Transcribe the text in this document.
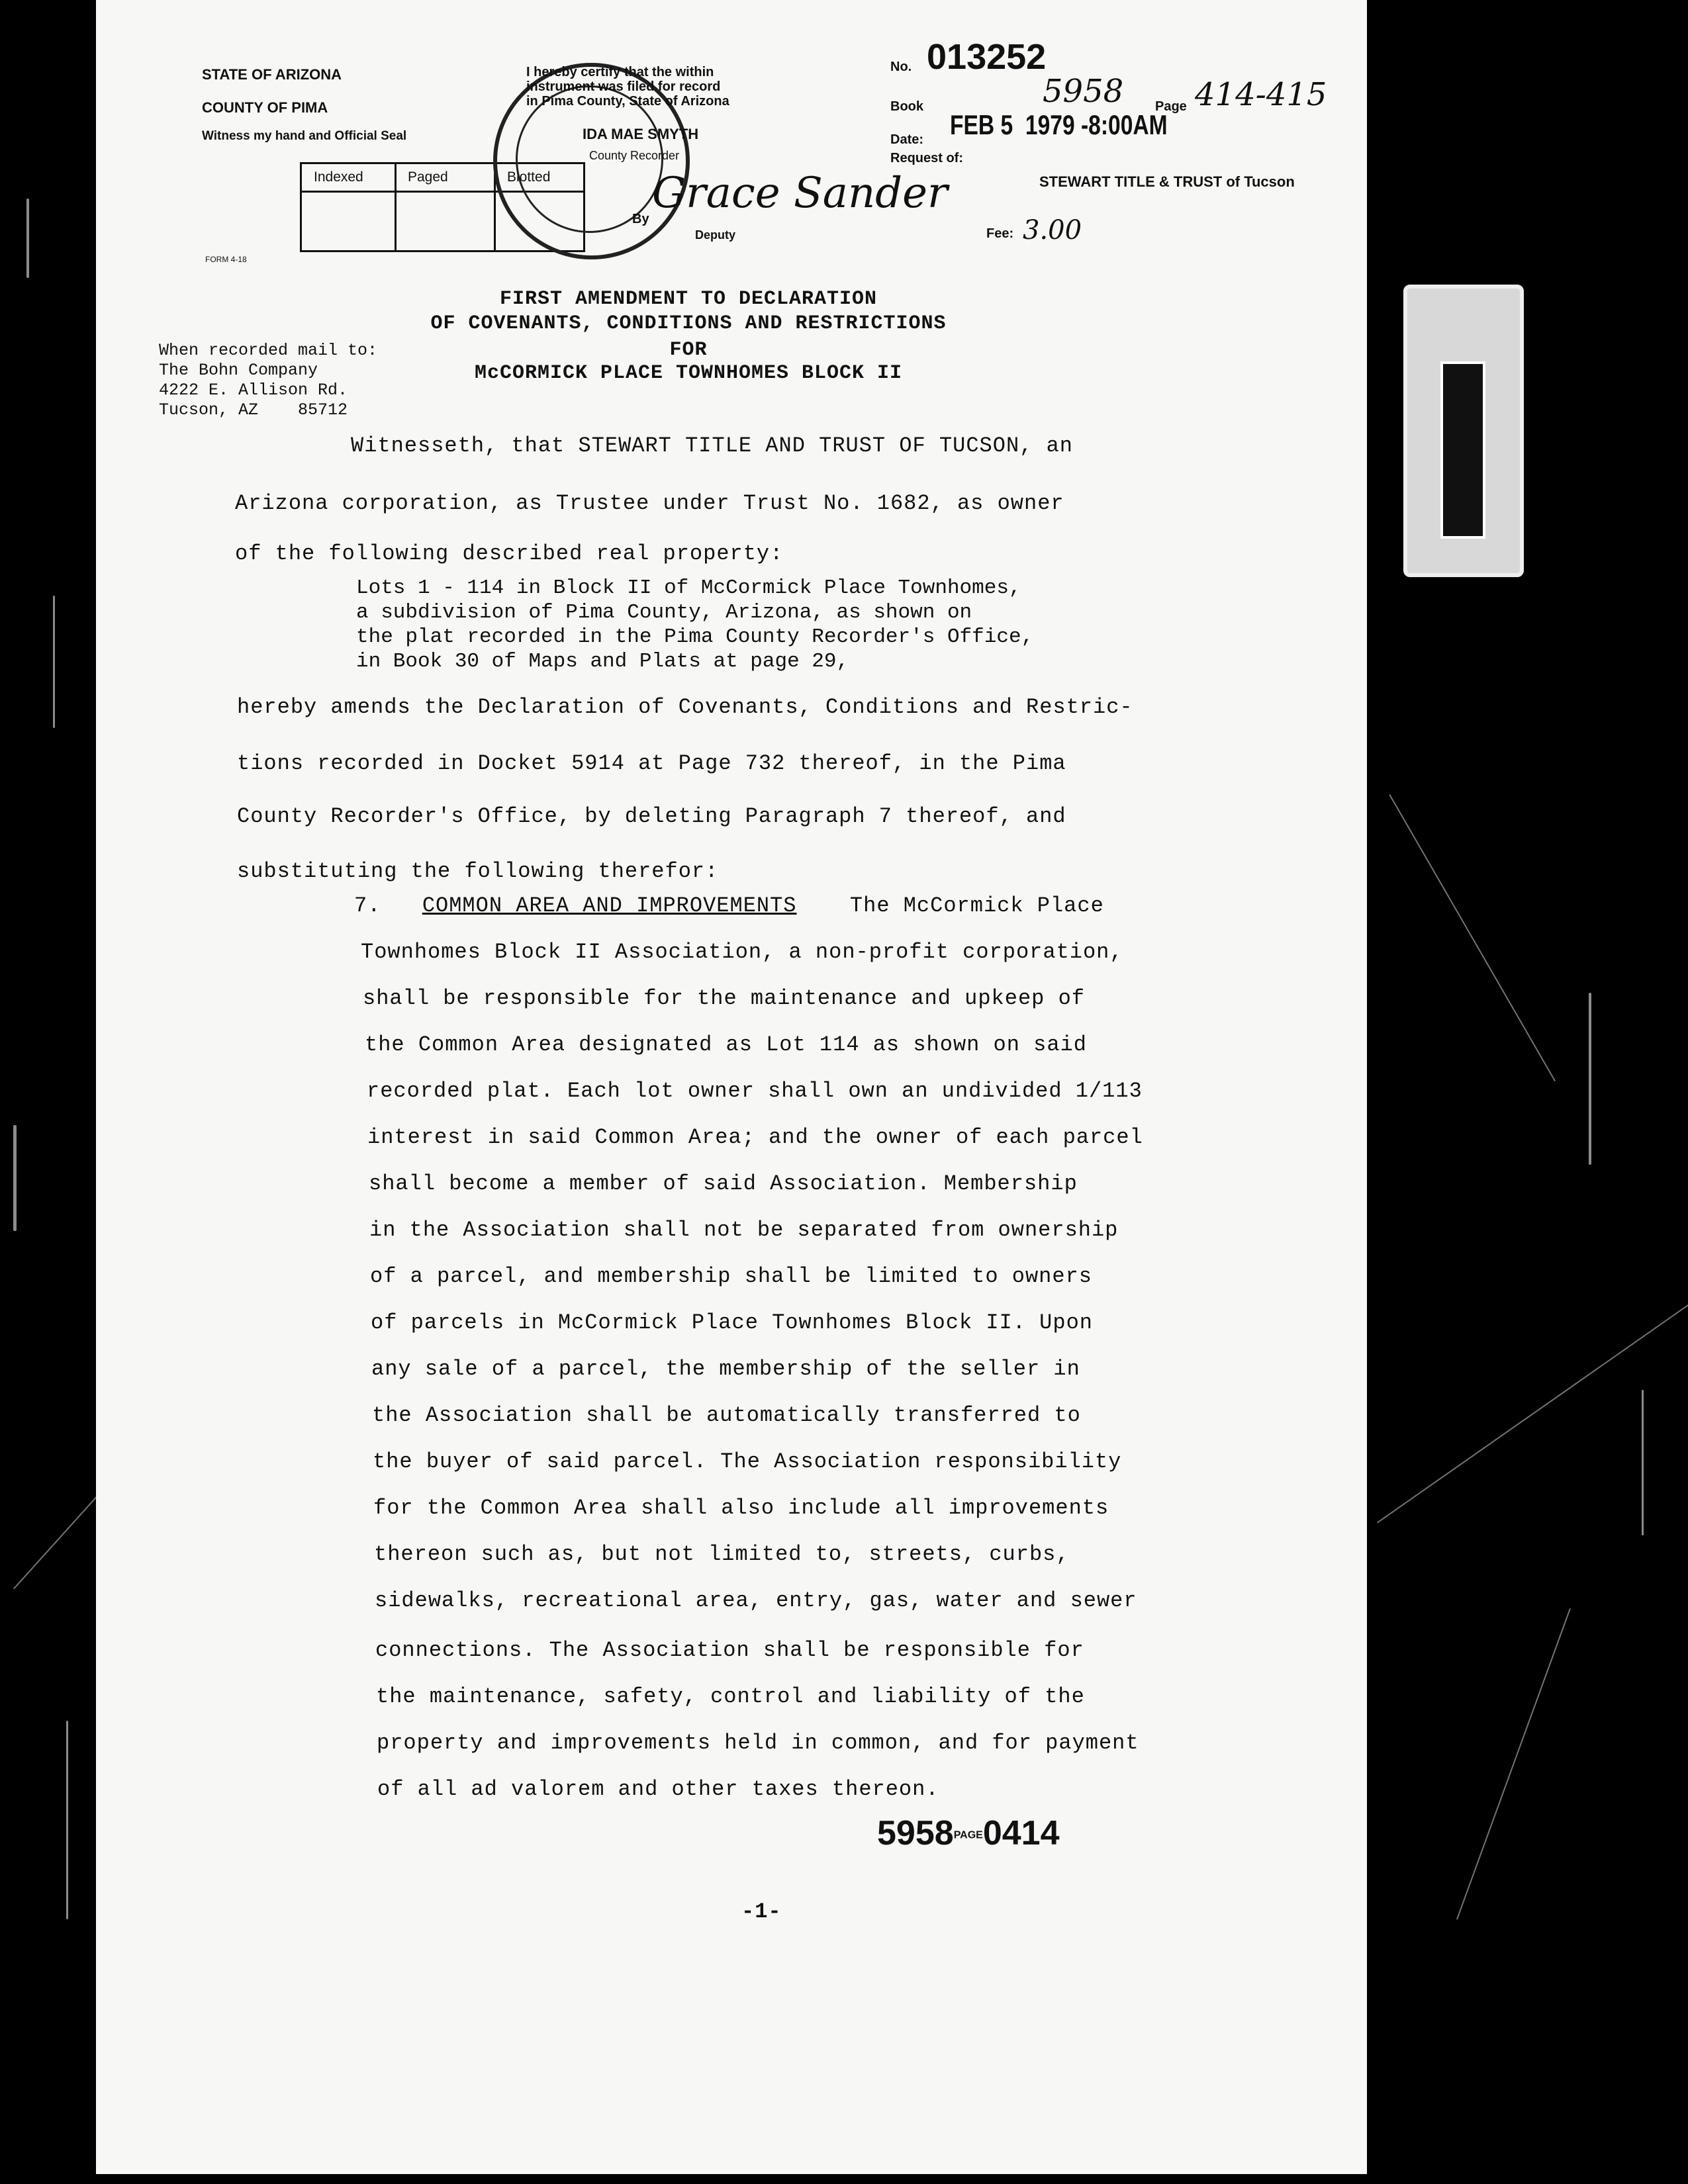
STATE OF ARIZONA
COUNTY OF PIMA
Witness my hand and Official Seal
Indexed	Paged	Blotted
FORM 4-18
I hereby certify that the within
instrument was filed for record
in Pima County, State of Arizona
IDA MAE SMYTH
County Recorder
By
Grace Sander
Deputy
No. 013252
Book	5958 Page 414-415
Date: FEB 5  1979 -8:00AM
Request of:
STEWART TITLE & TRUST of Tucson
Fee: 3.00
FIRST AMENDMENT TO DECLARATION
OF COVENANTS, CONDITIONS AND RESTRICTIONS
FOR
McCORMICK PLACE TOWNHOMES BLOCK II
When recorded mail to:
The Bohn Company
4222 E. Allison Rd.
Tucson, AZ    85712
Witnesseth, that STEWART TITLE AND TRUST OF TUCSON, an
Arizona corporation, as Trustee under Trust No. 1682, as owner
of the following described real property:
Lots 1 - 114 in Block II of McCormick Place Townhomes,
a subdivision of Pima County, Arizona, as shown on
the plat recorded in the Pima County Recorder's Office,
in Book 30 of Maps and Plats at page 29,
hereby amends the Declaration of Covenants, Conditions and Restric-
tions recorded in Docket 5914 at Page 732 thereof, in the Pima
County Recorder's Office, by deleting Paragraph 7 thereof, and
substituting the following therefor:
7. COMMON AREA AND IMPROVEMENTS	The McCormick Place
Townhomes Block II Association, a non-profit corporation,
shall be responsible for the maintenance and upkeep of
the Common Area designated as Lot 114 as shown on said
recorded plat. Each lot owner shall own an undivided 1/113
interest in said Common Area; and the owner of each parcel
shall become a member of said Association. Membership
in the Association shall not be separated from ownership
of a parcel, and membership shall be limited to owners
of parcels in McCormick Place Townhomes Block II. Upon
any sale of a parcel, the membership of the seller in
the Association shall be automatically transferred to
the buyer of said parcel. The Association responsibility
for the Common Area shall also include all improvements
thereon such as, but not limited to, streets, curbs,
sidewalks, recreational area, entry, gas, water and sewer
connections. The Association shall be responsible for
the maintenance, safety, control and liability of the
property and improvements held in common, and for payment
of all ad valorem and other taxes thereon.
5958PAGE0414
-1-
